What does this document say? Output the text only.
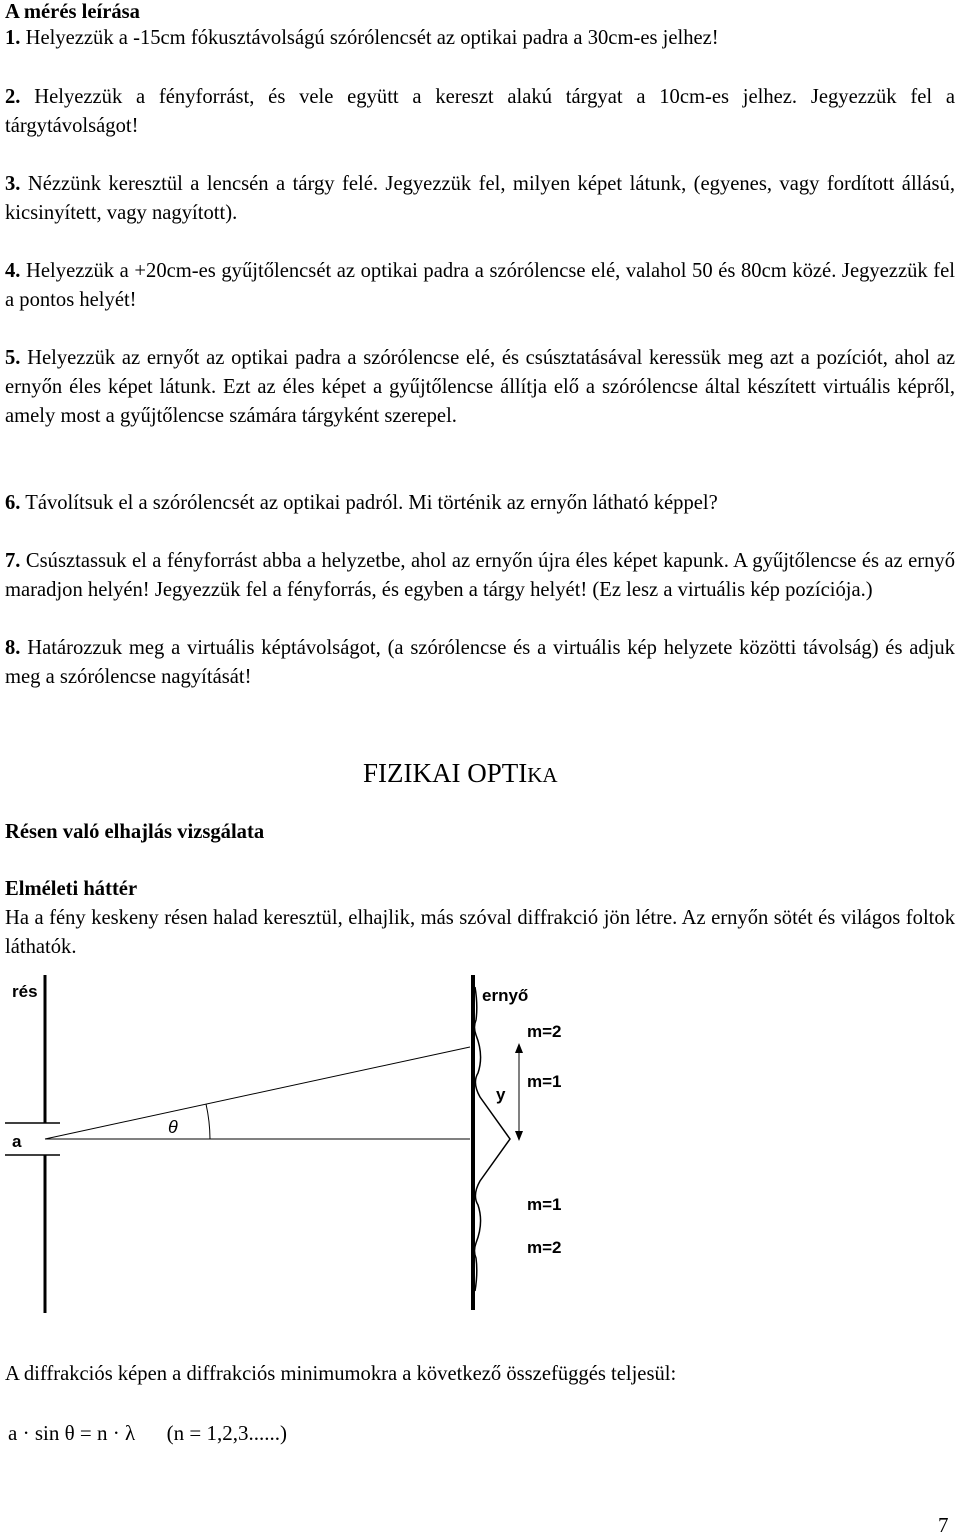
A mérés leírása

1. Helyezzük a -15cm fókusztávolságú szórólencsét az optikai padra a 30cm-es jelhez!

2. Helyezzük a fényforrást, és vele együtt a kereszt alakú tárgyat a 10cm-es jelhez. Jegyezzük fel a tárgytávolságot!

3. Nézzünk keresztül a lencsén a tárgy felé. Jegyezzük fel, milyen képet látunk, (egyenes, vagy fordított állású, kicsinyített, vagy nagyított).

4. Helyezzük a +20cm-es gyűjtőlencsét az optikai padra a szórólencse elé, valahol 50 és 80cm közé. Jegyezzük fel a pontos helyét!

5. Helyezzük az ernyőt az optikai padra a szórólencse elé, és csúsztatásával keressük meg azt a pozíciót, ahol az ernyőn éles képet látunk. Ezt az éles képet a gyűjtőlencse állítja elő a szórólencse által készített virtuális képről, amely most a gyűjtőlencse számára tárgyként szerepel.

6. Távolítsuk el a szórólencsét az optikai padról. Mi történik az ernyőn látható képpel?

7. Csúsztassuk el a fényforrást abba a helyzetbe, ahol az ernyőn újra éles képet kapunk. A gyűjtőlencse és az ernyő maradjon helyén! Jegyezzük fel a fényforrás, és egyben a tárgy helyét! (Ez lesz a virtuális kép pozíciója.)

8. Határozzuk meg a virtuális képtávolságot, (a szórólencse és a virtuális kép helyzete közötti távolság) és adjuk meg a szórólencse nagyítását!

FIZIKAI OPTIKA
Résen való elhajlás vizsgálata
Elméleti háttér

Ha a fény keskeny résen halad keresztül, elhajlik, más szóval diffrakció jön létre. Az ernyőn sötét és világos foltok láthatók.

rés	ernyő
a
θ
y
m=2
m=1
m=1
m=2

A diffrakciós képen a diffrakciós minimumokra a következő összefüggés teljesül:

a · sin θ = n · λ      (n = 1,2,3......)
7
